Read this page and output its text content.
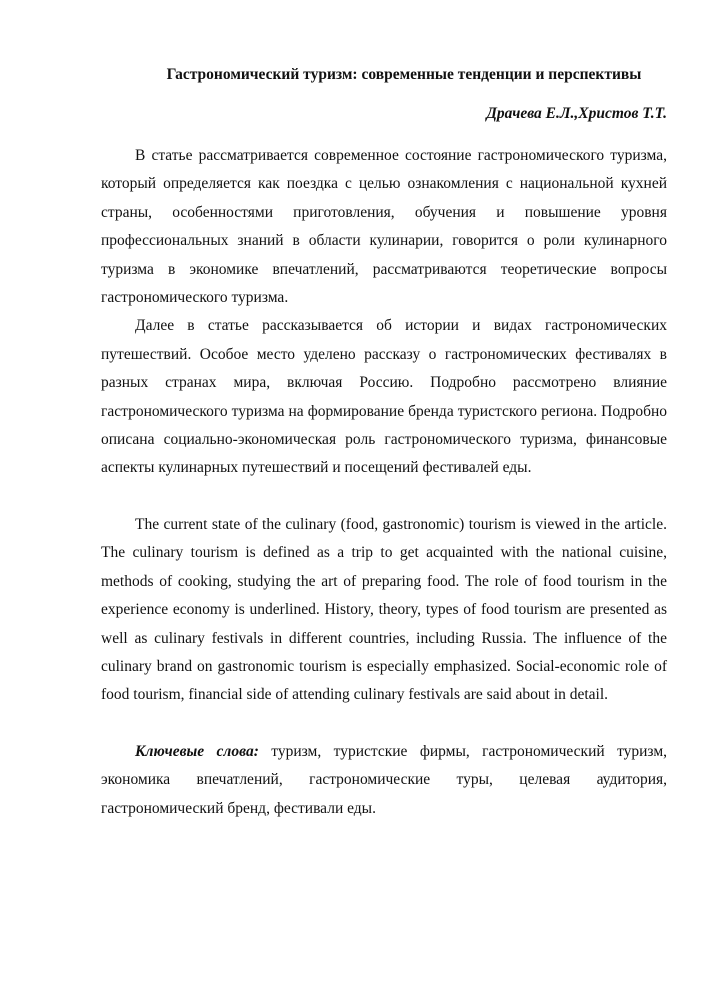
Гастрономический туризм: современные тенденции и перспективы
Драчева Е.Л.,Христов Т.Т.

В статье рассматривается современное состояние гастрономического туризма, который определяется как поездка с целью ознакомления с национальной кухней страны, особенностями приготовления, обучения и повышение уровня профессиональных знаний в области кулинарии, говорится о роли кулинарного туризма в экономике впечатлений, рассматриваются теоретические вопросы гастрономического туризма.

Далее в статье рассказывается об истории и видах гастрономических путешествий. Особое место уделено рассказу о гастрономических фестивалях в разных странах мира, включая Россию. Подробно рассмотрено влияние гастрономического туризма на формирование бренда туристского региона. Подробно описана социально-экономическая роль гастрономического туризма, финансовые аспекты кулинарных путешествий и посещений фестивалей еды.

The current state of the culinary (food, gastronomic) tourism is viewed in the article. The culinary tourism is defined as a trip to get acquainted with the national cuisine, methods of cooking, studying the art of preparing food. The role of food tourism in the experience economy is underlined. History, theory, types of food tourism are presented as well as culinary festivals in different countries, including Russia. The influence of the culinary brand on gastronomic tourism is especially emphasized. Social-economic role of food tourism, financial side of attending culinary festivals are said about in detail.

Ключевые слова: туризм, туристские фирмы, гастрономический туризм, экономика впечатлений, гастрономические туры, целевая аудитория, гастрономический бренд, фестивали еды.
